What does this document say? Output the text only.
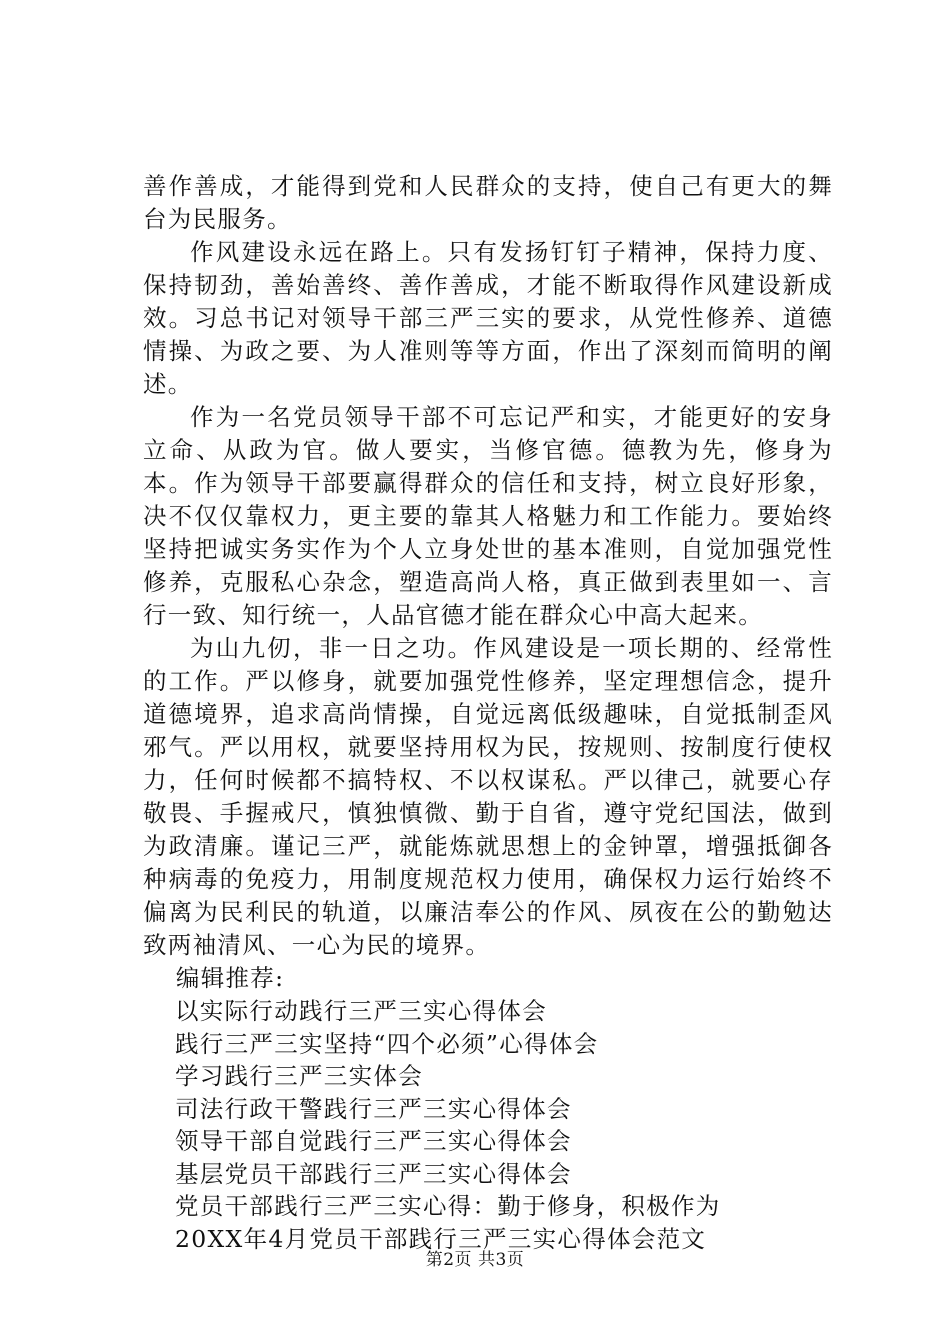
善作善成，才能得到党和人民群众的支持，使自己有更大的舞台为民服务。

作风建设永远在路上。只有发扬钉钉子精神，保持力度、保持韧劲，善始善终、善作善成，才能不断取得作风建设新成效。习总书记对领导干部三严三实的要求，从党性修养、道德情操、为政之要、为人准则等等方面，作出了深刻而简明的阐述。

作为一名党员领导干部不可忘记严和实，才能更好的安身立命、从政为官。做人要实，当修官德。德教为先，修身为本。作为领导干部要赢得群众的信任和支持，树立良好形象，决不仅仅靠权力，更主要的靠其人格魅力和工作能力。要始终坚持把诚实务实作为个人立身处世的基本准则，自觉加强党性修养，克服私心杂念，塑造高尚人格，真正做到表里如一、言行一致、知行统一，人品官德才能在群众心中高大起来。

为山九仞，非一日之功。作风建设是一项长期的、经常性的工作。严以修身，就要加强党性修养，坚定理想信念，提升道德境界，追求高尚情操，自觉远离低级趣味，自觉抵制歪风邪气。严以用权，就要坚持用权为民，按规则、按制度行使权力，任何时候都不搞特权、不以权谋私。严以律己，就要心存敬畏、手握戒尺，慎独慎微、勤于自省，遵守党纪国法，做到为政清廉。谨记三严，就能炼就思想上的金钟罩，增强抵御各种病毒的免疫力，用制度规范权力使用，确保权力运行始终不偏离为民利民的轨道，以廉洁奉公的作风、夙夜在公的勤勉达致两袖清风、一心为民的境界。

编辑推荐:

以实际行动践行三严三实心得体会
践行三严三实坚持“四个必须”心得体会
学习践行三严三实体会
司法行政干警践行三严三实心得体会
领导干部自觉践行三严三实心得体会
基层党员干部践行三严三实心得体会
党员干部践行三严三实心得：勤于修身，积极作为
20XX年4月党员干部践行三严三实心得体会范文
第2页 共3页
